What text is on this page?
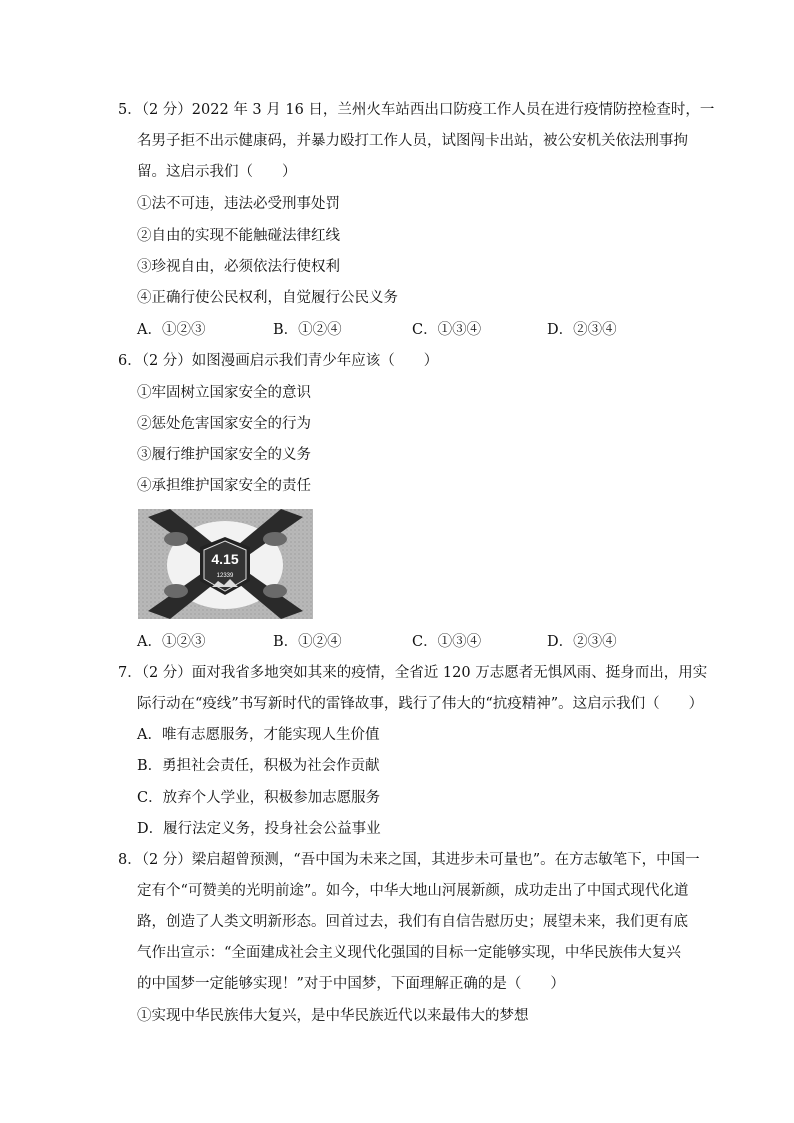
5．（2 分）2022 年 3 月 16 日，兰州火车站西出口防疫工作人员在进行疫情防控检查时，一
名男子拒不出示健康码，并暴力殴打工作人员，试图闯卡出站，被公安机关依法刑事拘
留。这启示我们（　　）
①法不可违，违法必受刑事处罚
②自由的实现不能触碰法律红线
③珍视自由，必须依法行使权利
④正确行使公民权利，自觉履行公民义务
A．①②③	B．①②④	C．①③④	D．②③④
6．（2 分）如图漫画启示我们青少年应该（　　）
①牢固树立国家安全的意识
②惩处危害国家安全的行为
③履行维护国家安全的义务
④承担维护国家安全的责任
4.15
12339
A．①②③	B．①②④	C．①③④	D．②③④
7．（2 分）面对我省多地突如其来的疫情，全省近 120 万志愿者无惧风雨、挺身而出，用实
际行动在“疫线”书写新时代的雷锋故事，践行了伟大的“抗疫精神”。这启示我们（　　）
A．唯有志愿服务，才能实现人生价值
B．勇担社会责任，积极为社会作贡献
C．放弃个人学业，积极参加志愿服务
D．履行法定义务，投身社会公益事业
8．（2 分）梁启超曾预测，“吾中国为未来之国，其进步未可量也”。在方志敏笔下，中国一
定有个“可赞美的光明前途”。如今，中华大地山河展新颜，成功走出了中国式现代化道
路，创造了人类文明新形态。回首过去，我们有自信告慰历史；展望未来，我们更有底
气作出宣示：“全面建成社会主义现代化强国的目标一定能够实现，中华民族伟大复兴
的中国梦一定能够实现！”对于中国梦，下面理解正确的是（　　）
①实现中华民族伟大复兴，是中华民族近代以来最伟大的梦想
